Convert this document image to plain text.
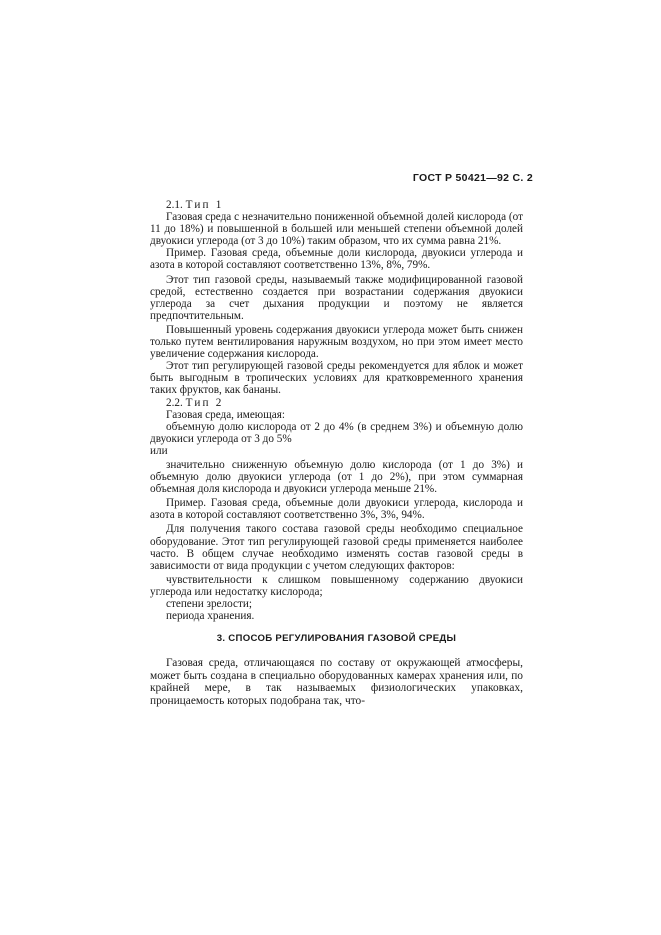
ГОСТ Р 50421—92 С. 2

2.1. Тип 1

Газовая среда с незначительно пониженной объемной долей кислорода (от 11 до 18%) и повышенной в большей или меньшей степени объемной долей двуокиси углерода (от 3 до 10%) таким образом, что их сумма равна 21%.

Пример. Газовая среда, объемные доли кислорода, двуокиси углерода и азота в которой составляют соответственно 13%, 8%, 79%.

Этот тип газовой среды, называемый также модифицированной газовой средой, естественно создается при возрастании содержания двуокиси углерода за счет дыхания продукции и поэтому не является предпочтительным.

Повышенный уровень содержания двуокиси углерода может быть снижен только путем вентилирования наружным воздухом, но при этом имеет место увеличение содержания кислорода.

Этот тип регулирующей газовой среды рекомендуется для яблок и может быть выгодным в тропических условиях для кратковременного хранения таких фруктов, как бананы.

2.2. Тип 2

Газовая среда, имеющая:

объемную долю кислорода от 2 до 4% (в среднем 3%) и объемную долю двуокиси углерода от 3 до 5%

или

значительно сниженную объемную долю кислорода (от 1 до 3%) и объемную долю двуокиси углерода (от 1 до 2%), при этом суммарная объемная доля кислорода и двуокиси углерода меньше 21%.

Пример. Газовая среда, объемные доли двуокиси углерода, кислорода и азота в которой составляют соответственно 3%, 3%, 94%.

Для получения такого состава газовой среды необходимо специальное оборудование. Этот тип регулирующей газовой среды применяется наиболее часто. В общем случае необходимо изменять состав газовой среды в зависимости от вида продукции с учетом следующих факторов:

чувствительности к слишком повышенному содержанию двуокиси углерода или недостатку кислорода;

степени зрелости;

периода хранения.

3. СПОСОБ РЕГУЛИРОВАНИЯ ГАЗОВОЙ СРЕДЫ

Газовая среда, отличающаяся по составу от окружающей атмосферы, может быть создана в специально оборудованных камерах хранения или, по крайней мере, в так называемых физиологических упаковках, проницаемость которых подобрана так, что-
